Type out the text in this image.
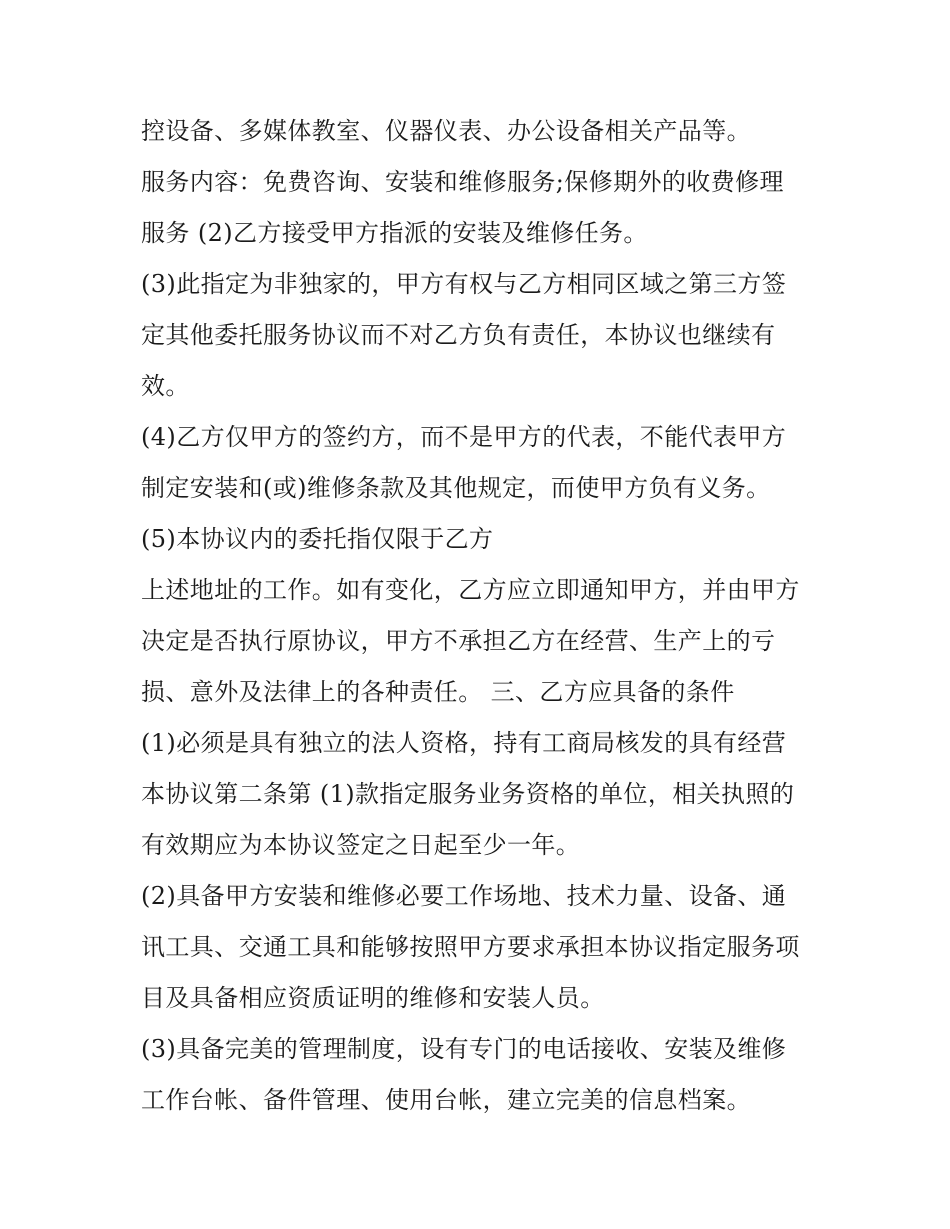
控设备、多媒体教室、仪器仪表、办公设备相关产品等。
服务内容：免费咨询、安装和维修服务;保修期外的收费修理
服务 (2)乙方接受甲方指派的安装及维修任务。
(3)此指定为非独家的，甲方有权与乙方相同区域之第三方签
定其他委托服务协议而不对乙方负有责任，本协议也继续有
效。
(4)乙方仅甲方的签约方，而不是甲方的代表，不能代表甲方
制定安装和(或)维修条款及其他规定，而使甲方负有义务。
(5)本协议内的委托指仅限于乙方
上述地址的工作。如有变化，乙方应立即通知甲方，并由甲方
决定是否执行原协议，甲方不承担乙方在经营、生产上的亏
损、意外及法律上的各种责任。 三、乙方应具备的条件
(1)必须是具有独立的法人资格，持有工商局核发的具有经营
本协议第二条第 (1)款指定服务业务资格的单位，相关执照的
有效期应为本协议签定之日起至少一年。
(2)具备甲方安装和维修必要工作场地、技术力量、设备、通
讯工具、交通工具和能够按照甲方要求承担本协议指定服务项
目及具备相应资质证明的维修和安装人员。
(3)具备完美的管理制度，设有专门的电话接收、安装及维修
工作台帐、备件管理、使用台帐，建立完美的信息档案。
